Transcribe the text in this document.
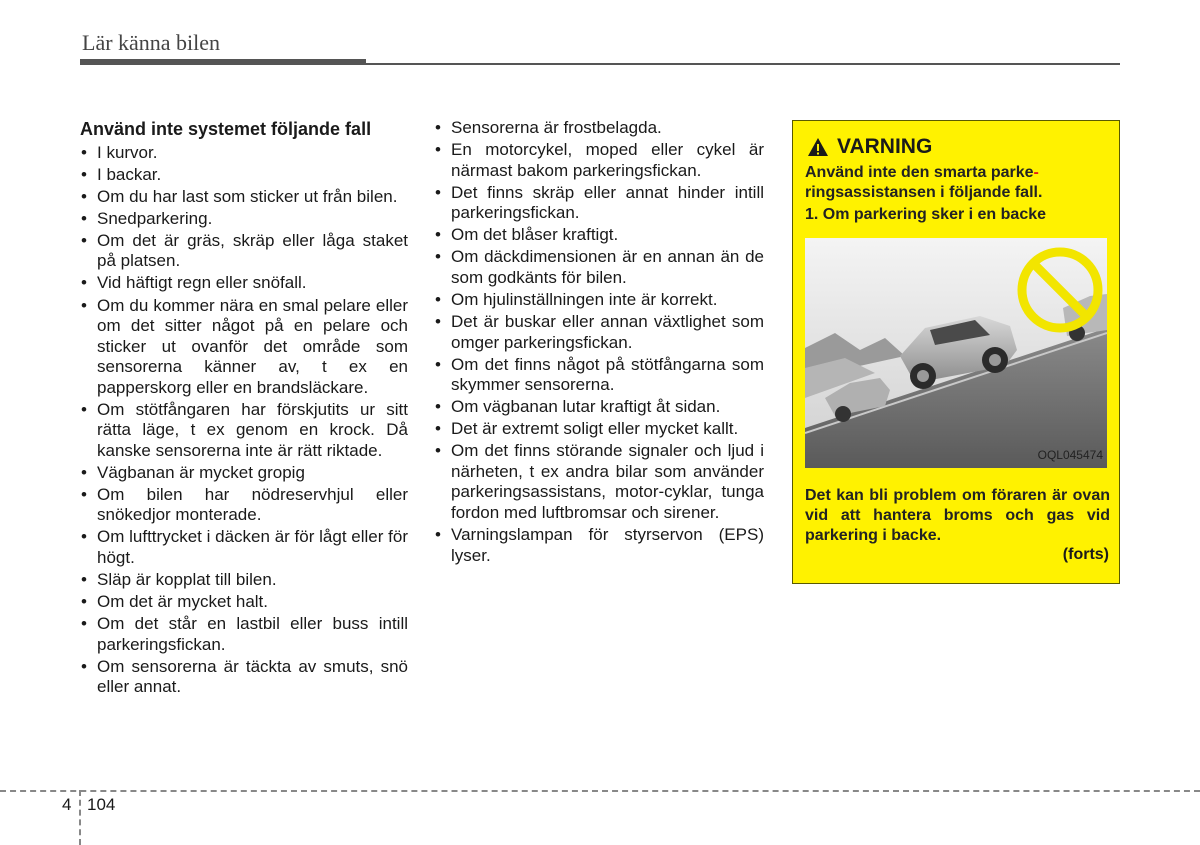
Lär känna bilen
Använd inte systemet följande fall
• I kurvor.
• I backar.
• Om du har last som sticker ut från bilen.
• Snedparkering.
• Om det är gräs, skräp eller låga staket på platsen.
• Vid häftigt regn eller snöfall.
• Om du kommer nära en smal pelare eller om det sitter något på en pelare och sticker ut ovanför det område som sensorerna känner av, t ex en papperskorg eller en brandsläckare.
• Om stötfångaren har förskjutits ur sitt rätta läge, t ex genom en krock. Då kanske sensorerna inte är rätt riktade.
• Vägbanan är mycket gropig
• Om bilen har nödreservhjul eller snökedjor monterade.
• Om lufttrycket i däcken är för lågt eller för högt.
• Släp är kopplat till bilen.
• Om det är mycket halt.
• Om det står en lastbil eller buss intill parkeringsfickan.
• Om sensorerna är täckta av smuts, snö eller annat.
• Sensorerna är frostbelagda.
• En motorcykel, moped eller cykel är närmast bakom parkeringsfickan.
• Det finns skräp eller annat hinder intill parkeringsfickan.
• Om det blåser kraftigt.
• Om däckdimensionen är en annan än de som godkänts för bilen.
• Om hjulinställningen inte är korrekt.
• Det är buskar eller annan växtlighet som omger parkeringsfickan.
• Om det finns något på stötfångarna som skymmer sensorerna.
• Om vägbanan lutar kraftigt åt sidan.
• Det är extremt soligt eller mycket kallt.
• Om det finns störande signaler och ljud i närheten, t ex andra bilar som använder parkeringsassistans, motor-cyklar, tunga fordon med luftbromsar och sirener.
• Varningslampan för styrservon (EPS) lyser.
VARNING
Använd inte den smarta parke-
ringsassistansen i följande fall.
1. Om parkering sker i en backe
OQL045474
Det kan bli problem om föraren är ovan vid att hantera broms och gas vid parkering i backe.
(forts)
4 104
